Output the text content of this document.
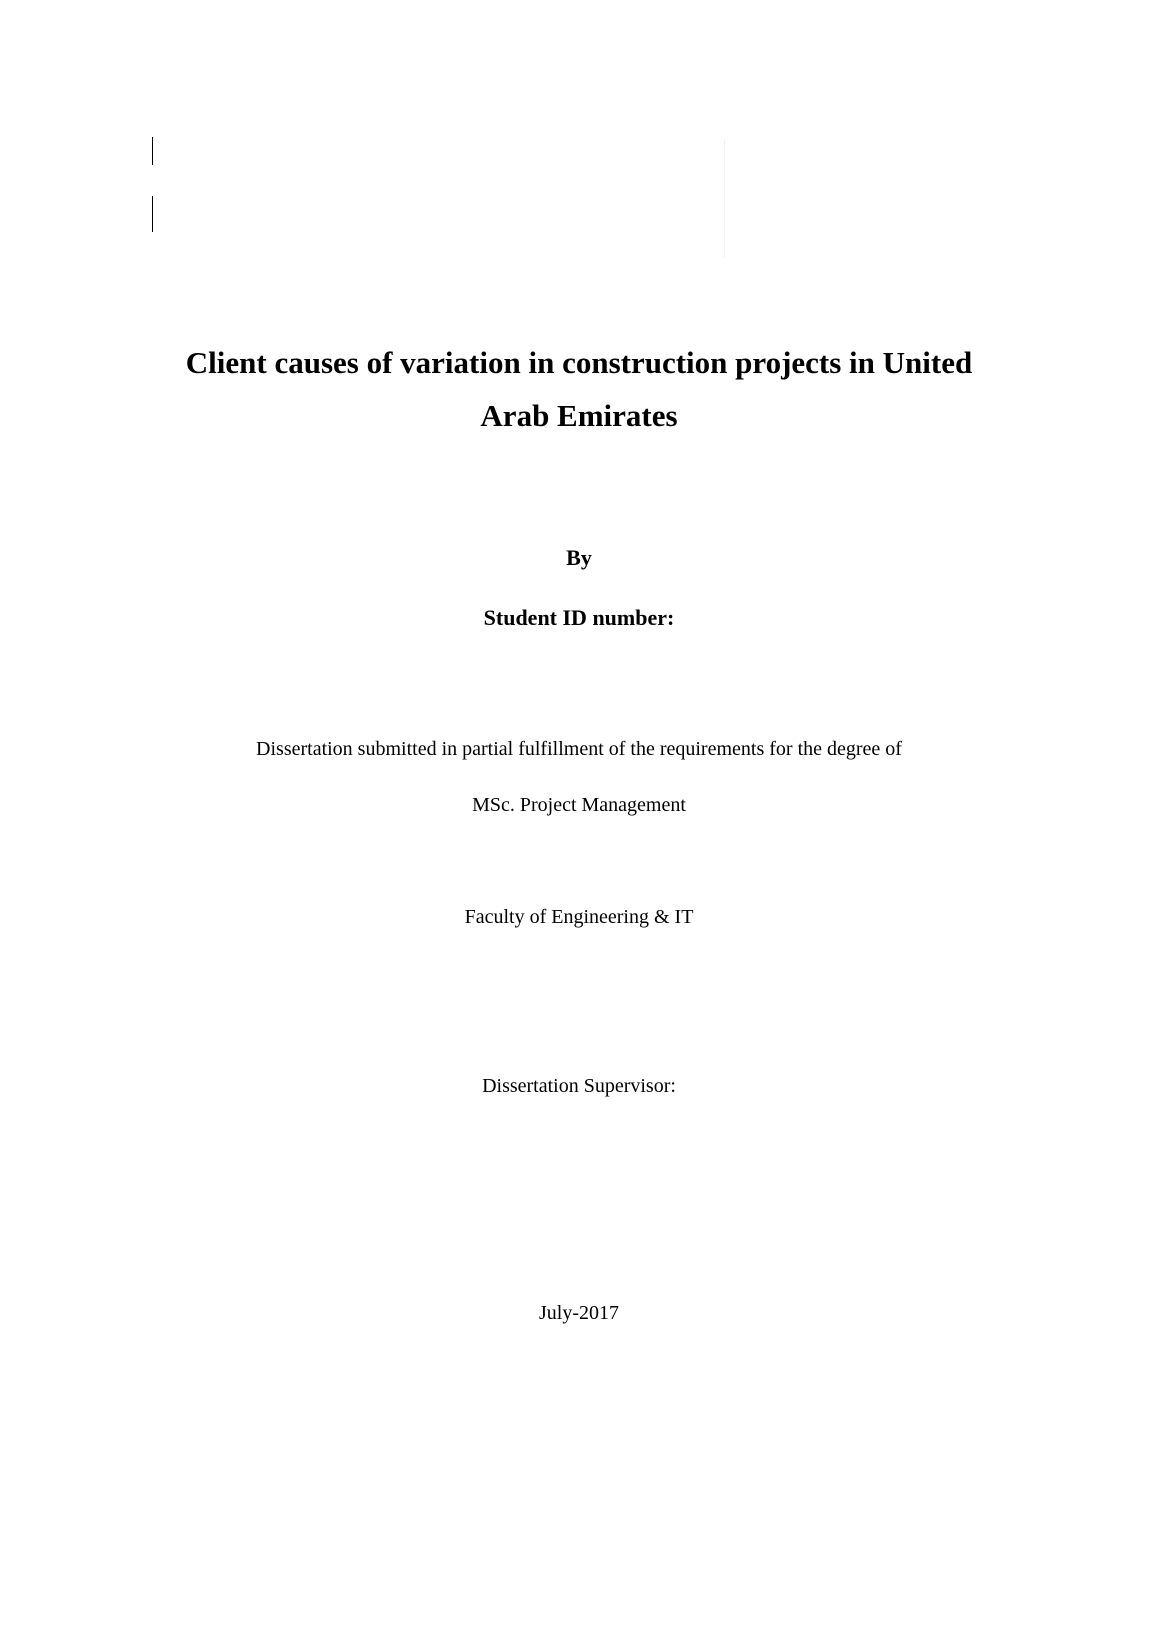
Client causes of variation in construction projects in United
Arab Emirates
By
Student ID number:
Dissertation submitted in partial fulfillment of the requirements for the degree of
MSc. Project Management
Faculty of Engineering & IT
Dissertation Supervisor:
July-2017
